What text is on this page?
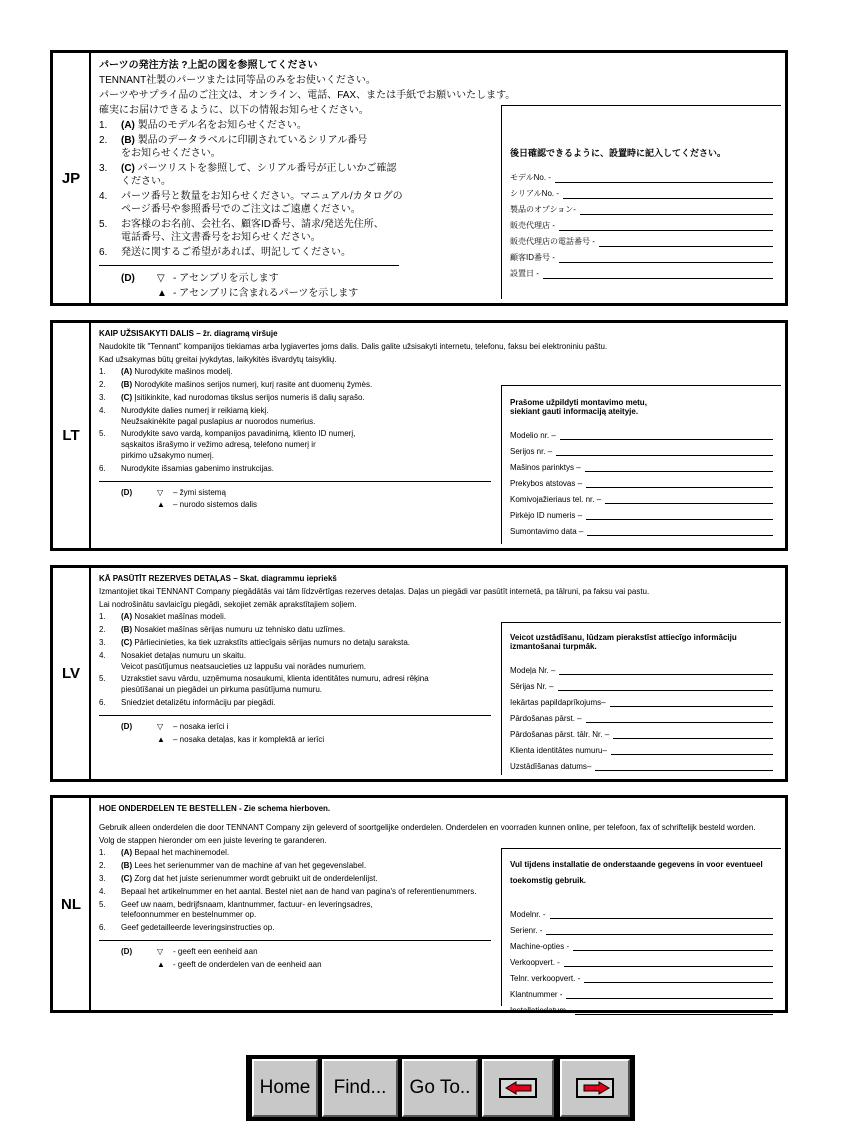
JP
パーツの発注方法 ?上記の図を参照してください
TENNANT社製のパーツまたは同等品のみをお使いください。
パーツやサプライ品のご注文は、オンライン、電話、FAX、または手紙でお願いいたします。
確実にお届けできるように、以下の情報お知らせください。
1.	(A) 製品のモデル名をお知らせください。
2.	(B) 製品のデータラベルに印刷されているシリアル番号
をお知らせください。
3.	(C) パーツリストを参照して、シリアル番号が正しいかご確認
ください。
4.	パーツ番号と数量をお知らせください。マニュアル/カタログの
ページ番号や参照番号でのご注文はご遠慮ください。
5.	お客様のお名前、会社名、顧客ID番号、請求/発送先住所、
電話番号、注文書番号をお知らせください。
6.	発送に関するご希望があれば、明記してください。
(D)	▽ - アセンブリを示します
▲ - アセンブリに含まれるパーツを示します
後日確認できるように、設置時に記入してください。
モデルNo. -
シリアルNo. -
製品のオプション-
販売代理店 -
販売代理店の電話番号 -
顧客ID番号 -
設置日 -
LT
KAIP UŽSISAKYTI DALIS – žr. diagramą viršuje
Naudokite tik "Tennant" kompanijos tiekiamas arba lygiavertes joms dalis. Dalis galite užsisakyti internetu, telefonu, faksu bei elektroniniu paštu.
Kad užsakymas būtų greitai įvykdytas, laikykitės išvardytų taisyklių.
1.	(A) Nurodykite mašinos modelį.
2.	(B) Norodykite mašinos serijos numerį, kurį rasite ant duomenų žymės.
3.	(C) Įsitikinkite, kad nurodomas tikslus serijos numeris iš dalių sąrašo.
4.	Nurodykite dalies numerį ir reikiamą kiekį.
Neužsakinėkite pagal puslapius ar nuorodos numerius.
5.	Nurodykite savo vardą, kompanijos pavadinimą, kliento ID numerį,
sąskaitos išrašymo ir vežimo adresą, telefono numerį ir
pirkimo užsakymo numerį.
6.	Nurodykite išsamias gabenimo instrukcijas.
(D)	▽	– žymi sistemą
▲	– nurodo sistemos dalis
Prašome užpildyti montavimo metu,
siekiant gauti informaciją ateityje.
Modelio nr. –
Serijos nr. –
Mašinos parinktys –
Prekybos atstovas –
Komivojažieriaus tel. nr. –
Pirkėjo ID numeris –
Sumontavimo data –
LV
KĀ PASŪTĪT REZERVES DETAĻAS – Skat. diagrammu iepriekš
Izmantojiet tikai TENNANT Company piegādātās vai tām līdzvērtīgas rezerves detaļas. Daļas un piegādi var pasūtīt internetā, pa tālruni, pa faksu vai pastu.
Lai nodrošinātu savlaicīgu piegādi, sekojiet zemāk aprakstītajiem soļiem.
1.	(A) Nosakiet mašīnas modeli.
2.	(B) Nosakiet mašīnas sērijas numuru uz tehnisko datu uzlīmes.
3.	(C) Pārliecinieties, ka tiek uzrakstīts attiecīgais sērijas numurs no detaļu saraksta.
4.	Nosakiet detaļas numuru un skaitu.
Veicot pasūtījumus neatsaucieties uz lappušu vai norādes numuriem.
5.	Uzrakstiet savu vārdu, uzņēmuma nosaukumi, klienta identitātes numuru, adresi rēķina
piesūtīšanai un piegādei un pirkuma pasūtījuma numuru.
6.	Sniedziet detalizētu informāciju par piegādi.
(D)	▽	– nosaka ierīci i
▲	– nosaka detaļas, kas ir komplektā ar ierīci
Veicot uzstādīšanu, lūdzam pierakstīst attiecīgo informāciju
izmantošanai turpmāk.
Modeļa Nr. –
Sērijas Nr. –
Iekārtas papildaprīkojums–
Pārdošanas pārst. –
Pārdošanas pārst. tālr. Nr. –
Klienta identitātes numuru–
Uzstādīšanas datums–
NL
HOE ONDERDELEN TE BESTELLEN - Zie schema hierboven.
Gebruik alleen onderdelen die door TENNANT Company zijn geleverd of soortgelijke onderdelen. Onderdelen en voorraden kunnen online, per telefoon, fax of schriftelijk besteld worden.
Volg de stappen hieronder om een juiste levering te garanderen.
1.	(A) Bepaal het machinemodel.
2.	(B) Lees het serienummer van de machine af van het gegevenslabel.
3.	(C) Zorg dat het juiste serienummer wordt gebruikt uit de onderdelenlijst.
4.	Bepaal het artikelnummer en het aantal. Bestel niet aan de hand van pagina's of referentienummers.
5.	Geef uw naam, bedrijfsnaam, klantnummer, factuur- en leveringsadres,
telefoonnummer en bestelnummer op.
6.	Geef gedetailleerde leveringsinstructies op.
(D)	▽	- geeft een eenheid aan
▲	- geeft de onderdelen van de eenheid aan
Vul tijdens installatie de onderstaande gegevens in voor eventueel
toekomstig gebruik.
Modelnr. -
Serienr. -
Machine-opties -
Verkoopvert. -
Telnr. verkoopvert. -
Klantnummer -
Installatiedatum -
Home	Find...	Go To..
